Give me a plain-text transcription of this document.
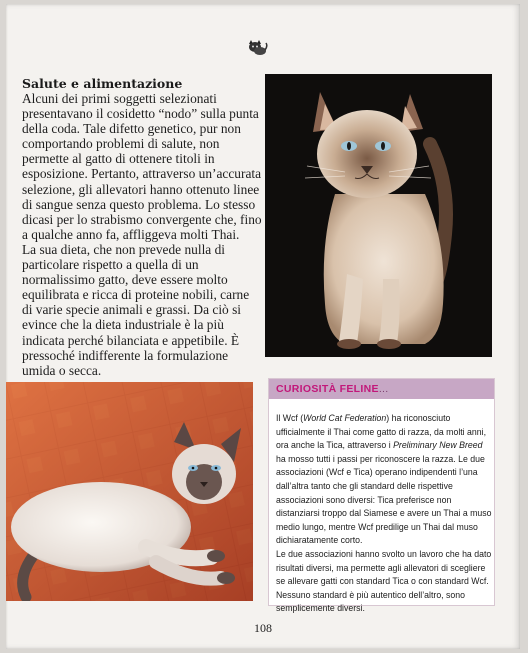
Salute e alimentazione

Alcuni dei primi soggetti selezionati presentavano il cosidetto “nodo” sulla punta della coda. Tale difetto genetico, pur non comportando problemi di salute, non permette al gatto di ottenere titoli in esposizione. Pertanto, attraverso un’accurata selezione, gli allevatori hanno ottenuto linee di sangue senza questo problema. Lo stesso dicasi per lo strabismo convergente che, fino a qualche anno fa, affliggeva molti Thai.

La sua dieta, che non prevede nulla di particolare rispetto a quella di un normalissimo gatto, deve essere molto equilibrata e ricca di proteine nobili, carne di varie specie animali e grassi. Da ciò si evince che la dieta industriale è la più indicata perché bilanciata e appetibile. È pressoché indifferente la formulazione umida o secca.

CURIOSITÀ FELINE...

Il Wcf (World Cat Federation) ha riconosciuto ufficialmente il Thai come gatto di razza, da molti anni, ora anche la Tica, attraverso i Preliminary New Breed ha mosso tutti i passi per riconoscere la razza. Le due associazioni (Wcf e Tica) operano indipendenti l’una dall’altra tanto che gli standard delle rispettive associazioni sono diversi: Tica preferisce non distanziarsi troppo dal Siamese e avere un Thai a muso medio lungo, mentre Wcf predilige un Thai dal muso dichiaratamente corto.

Le due associazioni hanno svolto un lavoro che ha dato risultati diversi, ma permette agli allevatori di scegliere se allevare gatti con standard Tica o con standard Wcf. Nessuno standard è più autentico dell’altro, sono semplicemente diversi.

108
